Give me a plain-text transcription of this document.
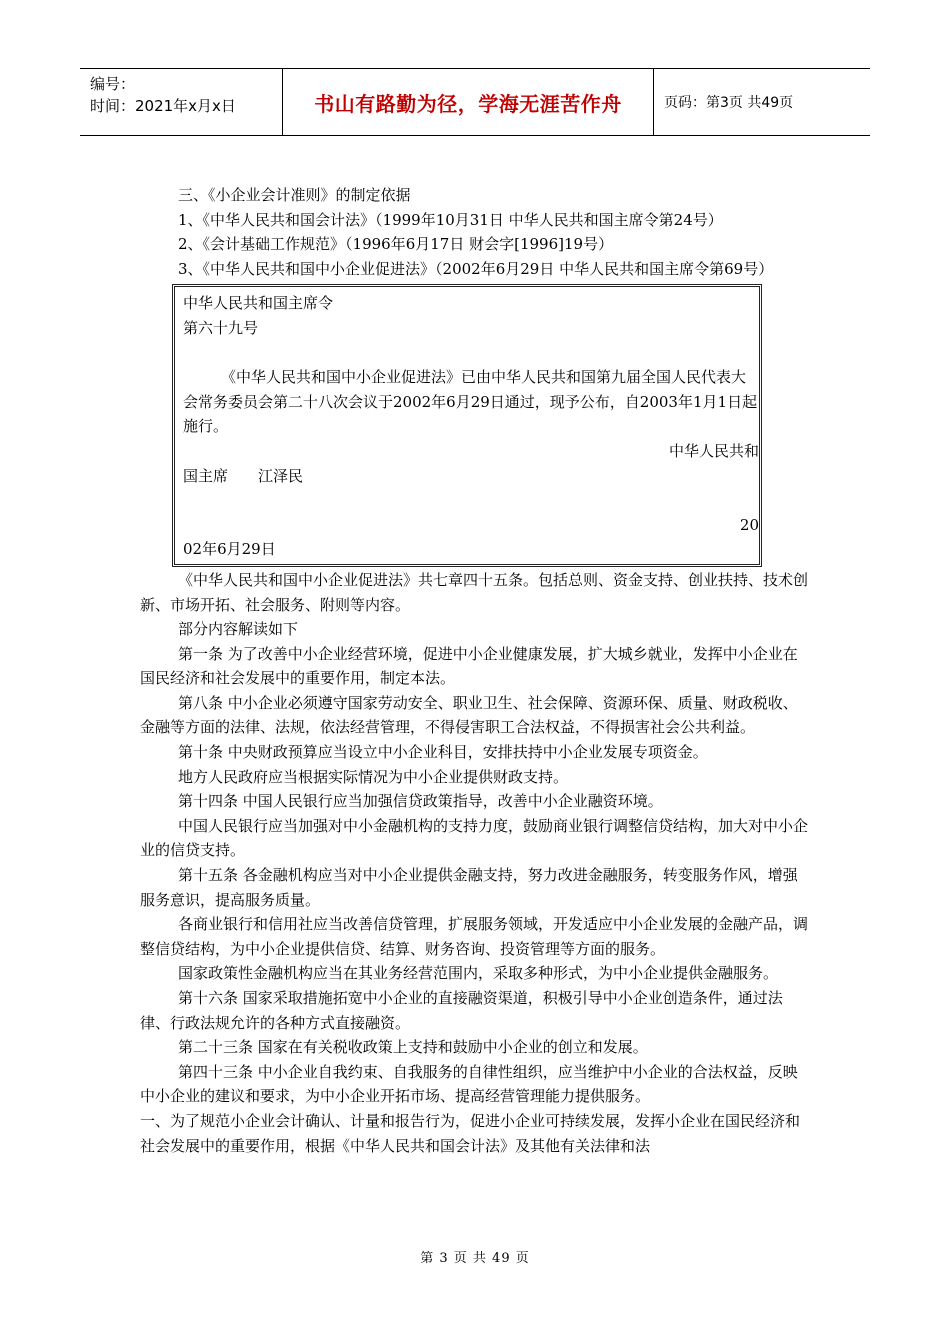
编号：
时间：2021年x月x日	书山有路勤为径，学海无涯苦作舟	页码：第3页 共49页

三、《小企业会计准则》的制定依据

1、《中华人民共和国会计法》（1999年10月31日 中华人民共和国主席令第24号）

2、《会计基础工作规范》（1996年6月17日 财会字[1996]19号）

3、《中华人民共和国中小企业促进法》（2002年6月29日 中华人民共和国主席令第69号）

中华人民共和国主席令
第六十九号
《中华人民共和国中小企业促进法》已由中华人民共和国第九届全国人民代表大会常务委员会第二十八次会议于2002年6月29日通过，现予公布，自2003年1月1日起施行。
中华人民共和
国主席　　江泽民
20
02年6月29日

《中华人民共和国中小企业促进法》共七章四十五条。包括总则、资金支持、创业扶持、技术创新、市场开拓、社会服务、附则等内容。

部分内容解读如下

第一条 为了改善中小企业经营环境，促进中小企业健康发展，扩大城乡就业，发挥中小企业在国民经济和社会发展中的重要作用，制定本法。

第八条 中小企业必须遵守国家劳动安全、职业卫生、社会保障、资源环保、质量、财政税收、金融等方面的法律、法规，依法经营管理，不得侵害职工合法权益，不得损害社会公共利益。

第十条 中央财政预算应当设立中小企业科目，安排扶持中小企业发展专项资金。

地方人民政府应当根据实际情况为中小企业提供财政支持。

第十四条 中国人民银行应当加强信贷政策指导，改善中小企业融资环境。

中国人民银行应当加强对中小金融机构的支持力度，鼓励商业银行调整信贷结构，加大对中小企业的信贷支持。

第十五条 各金融机构应当对中小企业提供金融支持，努力改进金融服务，转变服务作风，增强服务意识，提高服务质量。

各商业银行和信用社应当改善信贷管理，扩展服务领域，开发适应中小企业发展的金融产品，调整信贷结构，为中小企业提供信贷、结算、财务咨询、投资管理等方面的服务。

国家政策性金融机构应当在其业务经营范围内，采取多种形式，为中小企业提供金融服务。

第十六条 国家采取措施拓宽中小企业的直接融资渠道，积极引导中小企业创造条件，通过法律、行政法规允许的各种方式直接融资。

第二十三条 国家在有关税收政策上支持和鼓励中小企业的创立和发展。

第四十三条 中小企业自我约束、自我服务的自律性组织，应当维护中小企业的合法权益，反映中小企业的建议和要求，为中小企业开拓市场、提高经营管理能力提供服务。

一、为了规范小企业会计确认、计量和报告行为，促进小企业可持续发展，发挥小企业在国民经济和社会发展中的重要作用，根据《中华人民共和国会计法》及其他有关法律和法

第 3 页 共 49 页
